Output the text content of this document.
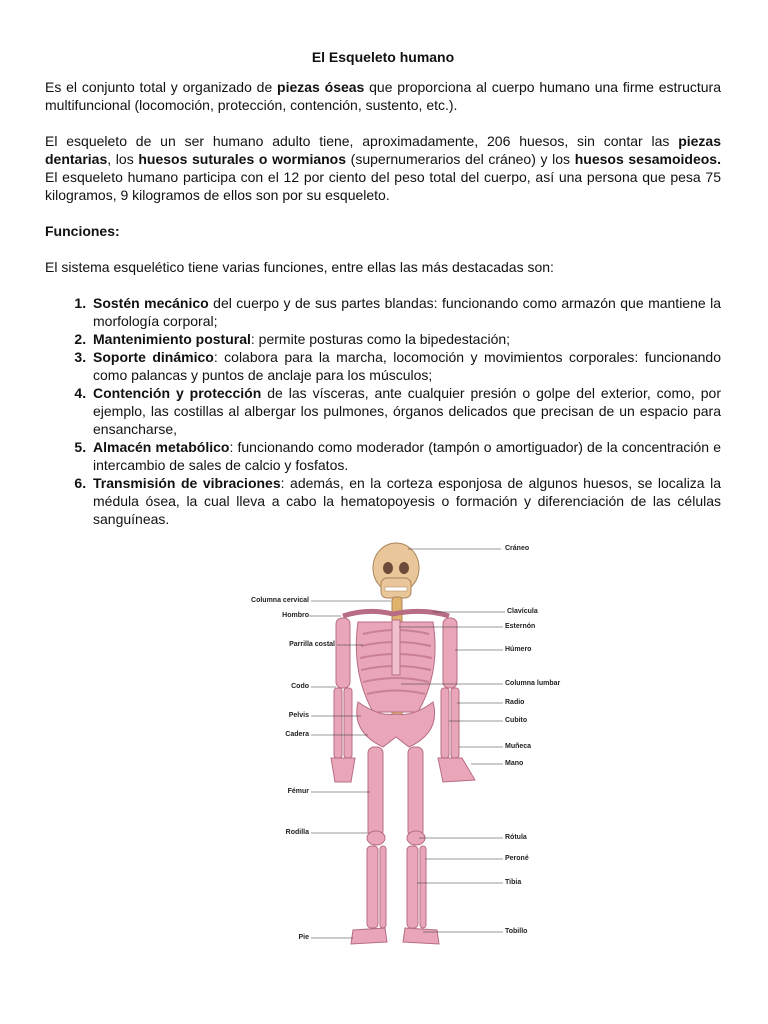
El Esqueleto humano

Es el conjunto total y organizado de piezas óseas que proporciona al cuerpo humano una firme estructura multifuncional (locomoción, protección, contención, sustento, etc.).

El esqueleto de un ser humano adulto tiene, aproximadamente, 206 huesos, sin contar las piezas dentarias, los huesos suturales o wormianos (supernumerarios del cráneo) y los huesos sesamoideos. El esqueleto humano participa con el 12 por ciento del peso total del cuerpo, así una persona que pesa 75 kilogramos, 9 kilogramos de ellos son por su esqueleto.

Funciones:

El sistema esquelético tiene varias funciones, entre ellas las más destacadas son:

1. Sostén mecánico del cuerpo y de sus partes blandas: funcionando como armazón que mantiene la morfología corporal;
2. Mantenimiento postural: permite posturas como la bipedestación;
3. Soporte dinámico: colabora para la marcha, locomoción y movimientos corporales: funcionando como palancas y puntos de anclaje para los músculos;
4. Contención y protección de las vísceras, ante cualquier presión o golpe del exterior, como, por ejemplo, las costillas al albergar los pulmones, órganos delicados que precisan de un espacio para ensancharse,
5. Almacén metabólico: funcionando como moderador (tampón o amortiguador) de la concentración e intercambio de sales de calcio y fosfatos.
6. Transmisión de vibraciones: además, en la corteza esponjosa de algunos huesos, se localiza la médula ósea, la cual lleva a cabo la hematopoyesis o formación y diferenciación de las células sanguíneas.
Columna cervical
Hombro
Parrilla costal
Codo
Pelvis
Cadera
Fémur
Rodilla
Pie
Cráneo
Clavícula
Esternón
Húmero
Columna lumbar
Radio
Cubito
Muñeca
Mano
Rótula
Peroné
Tibia
Tobillo
